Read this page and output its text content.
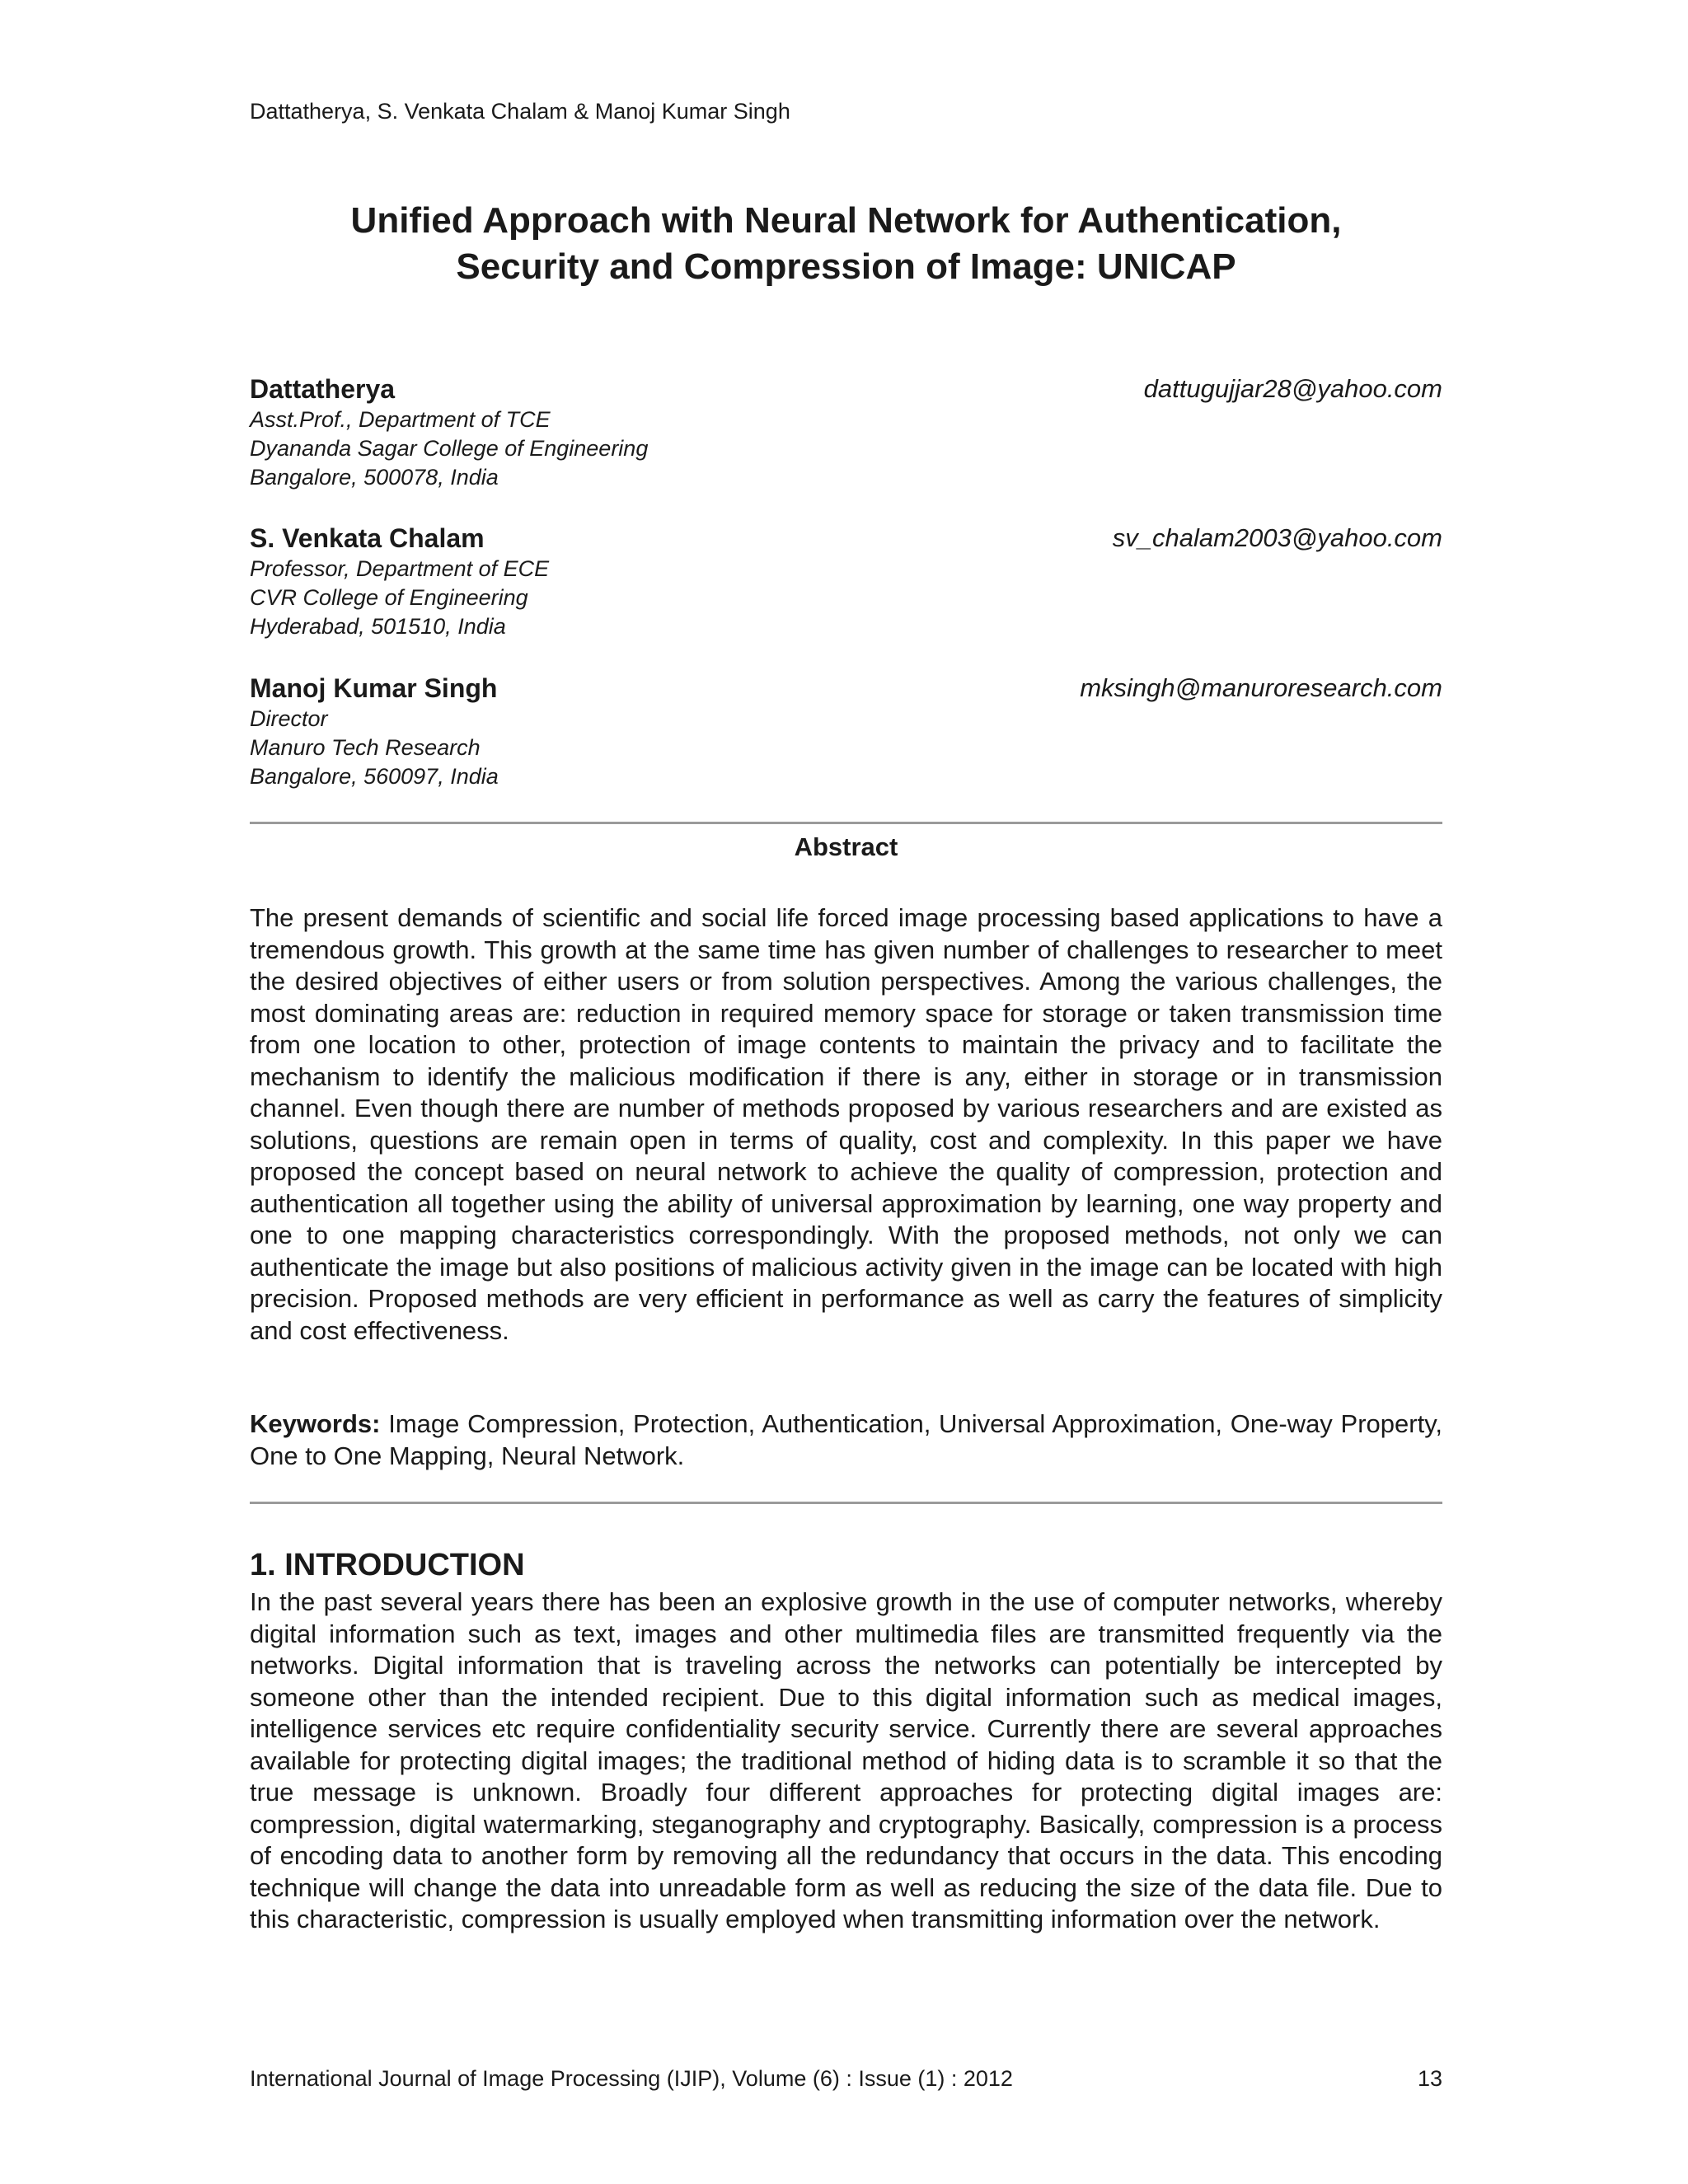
Dattatherya, S. Venkata Chalam & Manoj Kumar Singh
Unified Approach with Neural Network for Authentication,
Security and Compression of Image: UNICAP
Dattatherya
Asst.Prof., Department of TCE
Dyananda Sagar College of Engineering
Bangalore, 500078, India
dattugujjar28@yahoo.com
S. Venkata Chalam
Professor, Department of ECE
CVR College of Engineering
Hyderabad, 501510, India
sv_chalam2003@yahoo.com
Manoj Kumar Singh
Director
Manuro Tech Research
Bangalore, 560097, India
mksingh@manuroresearch.com
Abstract

The present demands of scientific and social life forced image processing based applications to have a tremendous growth. This growth at the same time has given number of challenges to researcher to meet the desired objectives of either users or from solution perspectives. Among the various challenges, the most dominating areas are: reduction in required memory space for storage or taken transmission time from one location to other, protection of image contents to maintain the privacy and to facilitate the mechanism to identify the malicious modification if there is any, either in storage or in transmission channel. Even though there are number of methods proposed by various researchers and are existed as solutions, questions are remain open in terms of quality, cost and complexity. In this paper we have proposed the concept based on neural network to achieve the quality of compression, protection and authentication all together using the ability of universal approximation by learning, one way property and one to one mapping characteristics correspondingly. With the proposed methods, not only we can authenticate the image but also positions of malicious activity given in the image can be located with high precision. Proposed methods are very efficient in performance as well as carry the features of simplicity and cost effectiveness.

Keywords: Image Compression, Protection, Authentication, Universal Approximation, One-way Property, One to One Mapping, Neural Network.

1. INTRODUCTION

In the past several years there has been an explosive growth in the use of computer networks, whereby digital information such as text, images and other multimedia files are transmitted frequently via the networks. Digital information that is traveling across the networks can potentially be intercepted by someone other than the intended recipient. Due to this digital information such as medical images, intelligence services etc require confidentiality security service. Currently there are several approaches available for protecting digital images; the traditional method of hiding data is to scramble it so that the true message is unknown. Broadly four different approaches for protecting digital images are: compression, digital watermarking, steganography and cryptography. Basically, compression is a process of encoding data to another form by removing all the redundancy that occurs in the data. This encoding technique will change the data into unreadable form as well as reducing the size of the data file. Due to this characteristic, compression is usually employed when transmitting information over the network.

International Journal of Image Processing (IJIP), Volume (6) : Issue (1) : 2012	13
